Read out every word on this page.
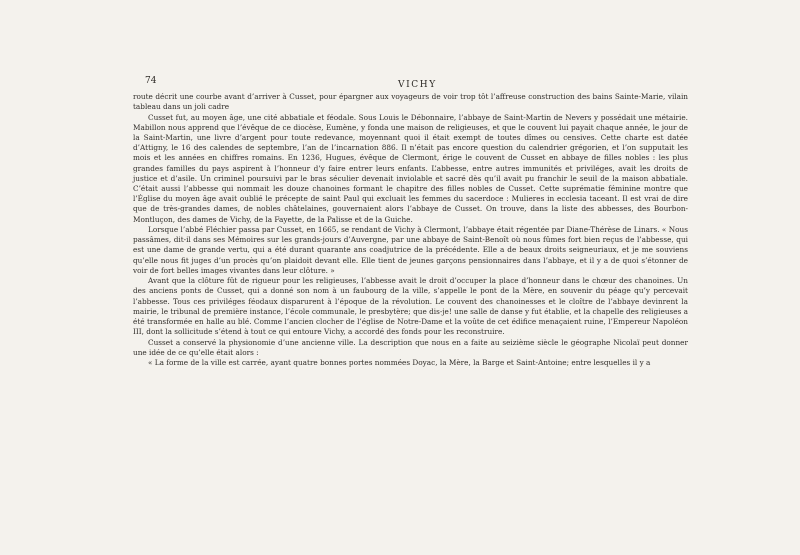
74	VICHY

route décrit une courbe avant d’arriver à Cusset, pour épargner aux voyageurs de voir trop tôt l’affreuse construction des bains Sainte-Marie, vilain tableau dans un joli cadre

Cusset fut, au moyen âge, une cité abbatiale et féodale. Sous Louis le Débonnaire, l’abbaye de Saint-Martin de Nevers y possédait une métairie. Mabillon nous apprend que l’évêque de ce diocèse, Eumène, y fonda une maison de religieuses, et que le couvent lui payait chaque année, le jour de la Saint-Martin, une livre d’argent pour toute redevance, moyennant quoi il était exempt de toutes dîmes ou censives. Cette charte est datée d’Attigny, le 16 des calendes de septembre, l’an de l’incarnation 886. Il n’était pas encore question du calendrier grégorien, et l’on supputait les mois et les années en chiffres romains. En 1236, Hugues, évêque de Clermont, érige le couvent de Cusset en abbaye de filles nobles : les plus grandes familles du pays aspirent à l’honneur d’y faire entrer leurs enfants. L’abbesse, entre autres immunités et priviléges, avait les droits de justice et d’asile. Un criminel poursuivi par le bras séculier devenait inviolable et sacré dès qu’il avait pu franchir le seuil de la maison abbatiale. C’était aussi l’abbesse qui nommait les douze chanoines formant le chapitre des filles nobles de Cusset. Cette suprématie féminine montre que l’Église du moyen âge avait oublié le précepte de saint Paul qui excluait les femmes du sacerdoce : Mulieres in ecclesia taceant. Il est vrai de dire que de très-grandes dames, de nobles châtelaines, gouvernaient alors l’abbaye de Cusset. On trouve, dans la liste des abbesses, des Bourbon-Montluçon, des dames de Vichy, de la Fayette, de la Palisse et de la Guiche.

Lorsque l’abbé Fléchier passa par Cusset, en 1665, se rendant de Vichy à Clermont, l’abbaye était régentée par Diane-Thérèse de Linars. « Nous passâmes, dit-il dans ses Mémoires sur les grands-jours d’Auvergne, par une abbaye de Saint-Benoît où nous fûmes fort bien reçus de l’abbesse, qui est une dame de grande vertu, qui a été durant quarante ans coadjutrice de la précédente. Elle a de beaux droits seigneuriaux, et je me souviens qu’elle nous fit juges d’un procès qu’on plaidoit devant elle. Elle tient de jeunes garçons pensionnaires dans l’abbaye, et il y a de quoi s’étonner de voir de fort belles images vivantes dans leur clôture. »

Avant que la clôture fût de rigueur pour les religieuses, l’abbesse avait le droit d’occuper la place d’honneur dans le chœur des chanoines. Un des anciens ponts de Cusset, qui a donné son nom à un faubourg de la ville, s’appelle le pont de la Mère, en souvenir du péage qu’y percevait l’abbesse. Tous ces priviléges féodaux disparurent à l’époque de la révolution. Le couvent des chanoinesses et le cloître de l’abbaye devinrent la mairie, le tribunal de première instance, l’école communale, le presbytère; que dis-je! une salle de danse y fut établie, et la chapelle des religieuses a été transformée en halle au blé. Comme l’ancien clocher de l’église de Notre-Dame et la voûte de cet édifice menaçaient ruine, l’Empereur Napoléon III, dont la sollicitude s’étend à tout ce qui entoure Vichy, a accordé des fonds pour les reconstruire.

Cusset a conservé la physionomie d’une ancienne ville. La description que nous en a faite au seizième siècle le géographe Nicolaï peut donner une idée de ce qu’elle était alors :

« La forme de la ville est carrée, ayant quatre bonnes portes nommées Doyac, la Mère, la Barge et Saint-Antoine; entre lesquelles il y a
